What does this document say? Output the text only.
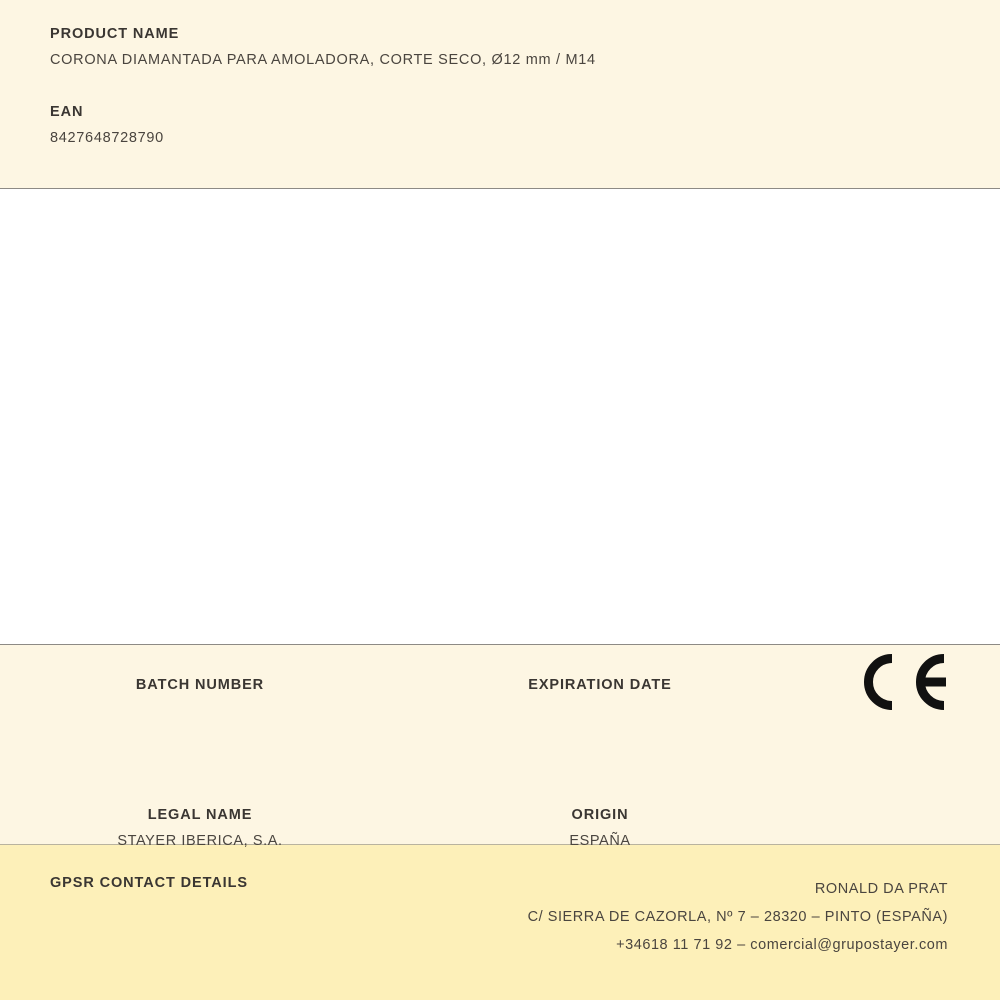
PRODUCT NAME

CORONA DIAMANTADA PARA AMOLADORA, CORTE SECO, Ø12 mm / M14

EAN

8427648728790

BATCH NUMBER	EXPIRATION DATE
LEGAL NAME
STAYER IBERICA, S.A.
ORIGIN
ESPAÑA
GPSR CONTACT DETAILS	RONALD DA PRAT
C/ SIERRA DE CAZORLA, Nº 7 – 28320 – PINTO (ESPAÑA)
+34618 11 71 92 – comercial@grupostayer.com
